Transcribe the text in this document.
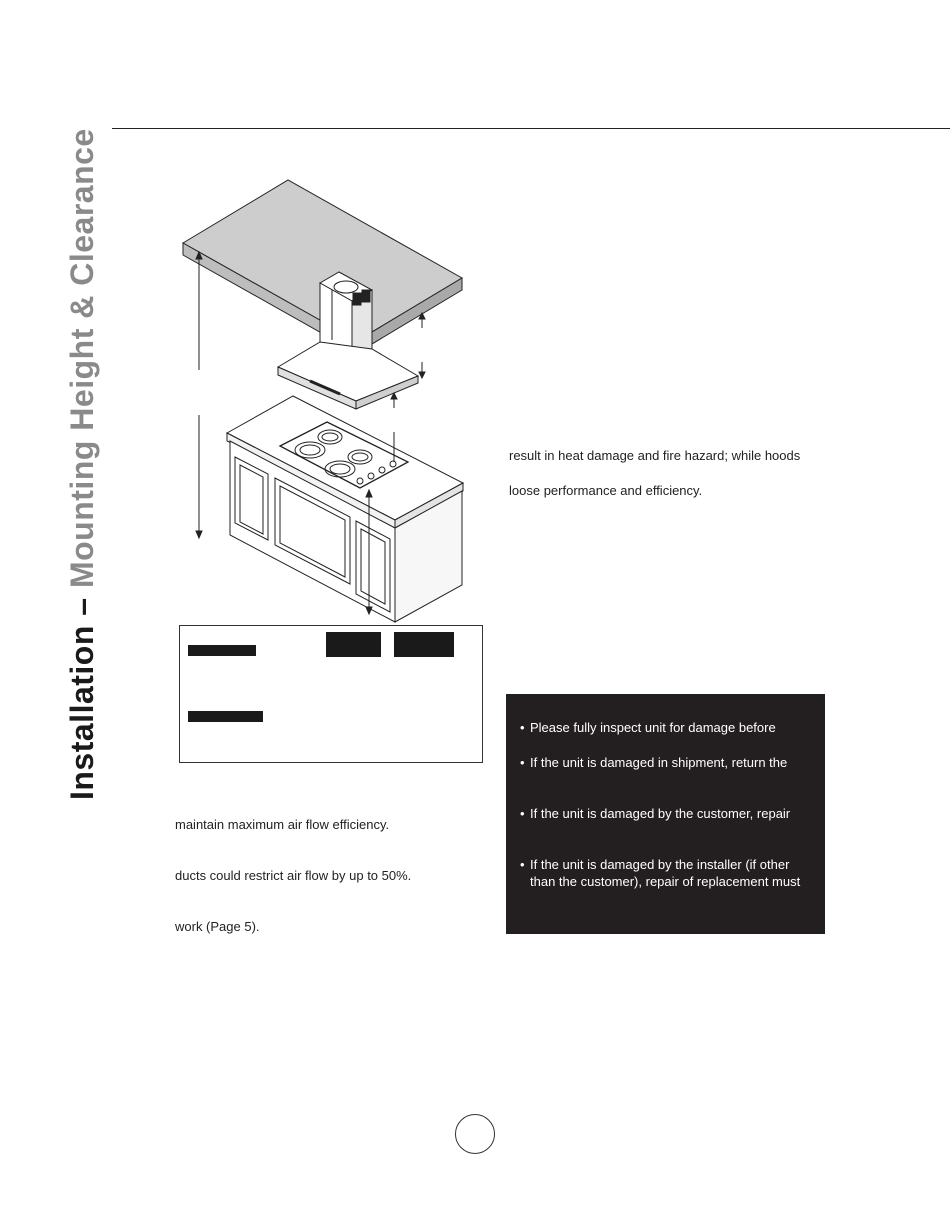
Installation – Mounting Height & Clearance	result in heat damage and fire hazard; while hoods
loose performance and efficiency.
maintain maximum air flow efficiency.
ducts could restrict air flow by up to 50%.
work (Page 5).
• Please fully inspect unit for damage before
• If the unit is damaged in shipment, return the
• If the unit is damaged by the customer, repair
• If the unit is damaged by the installer (if other
than the customer), repair of replacement must
